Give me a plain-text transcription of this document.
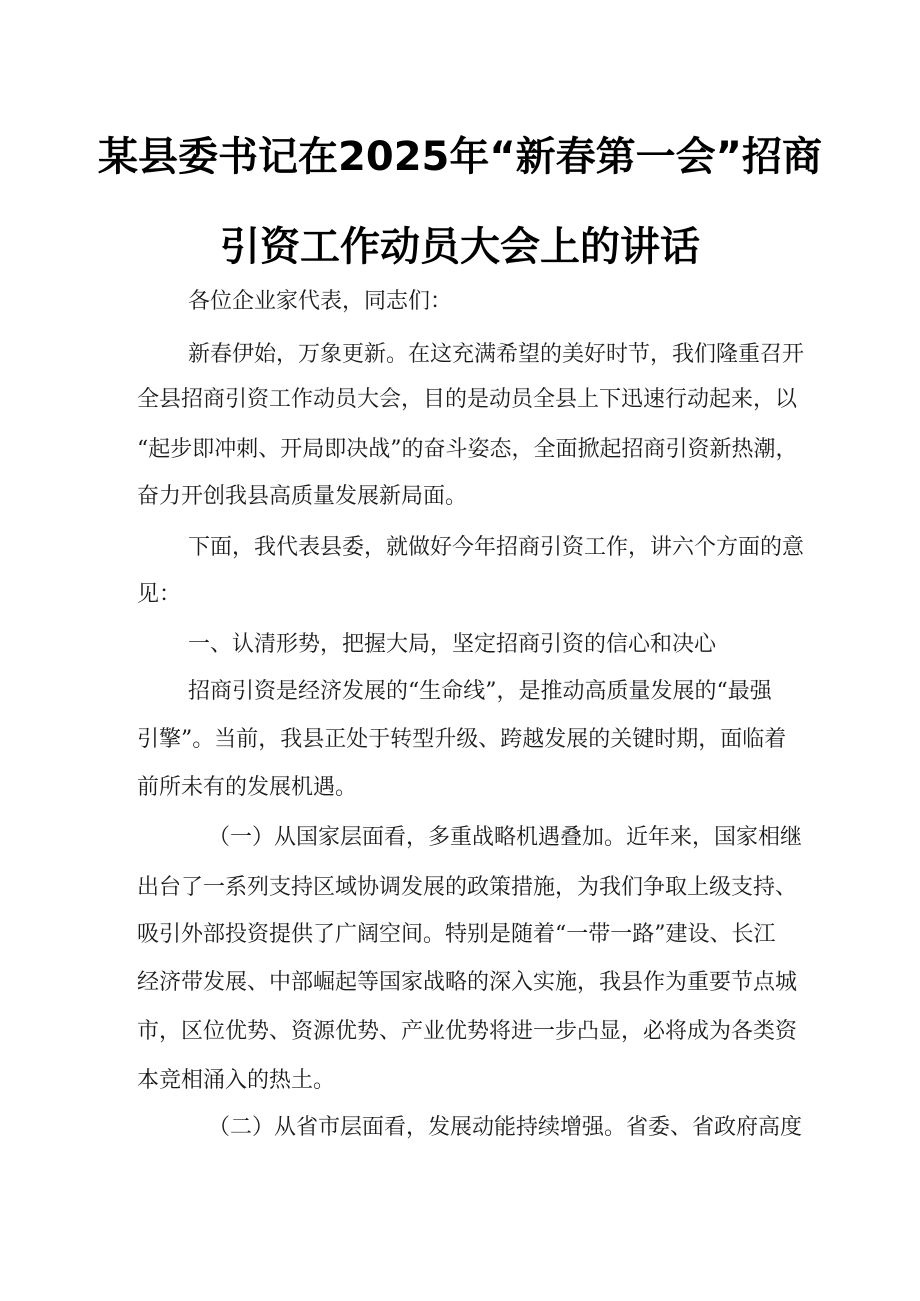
某县委书记在2025年“新春第一会”招商
引资工作动员大会上的讲话
各位企业家代表，同志们：
新春伊始，万象更新。在这充满希望的美好时节，我们隆重召开
全县招商引资工作动员大会，目的是动员全县上下迅速行动起来，以
“起步即冲刺、开局即决战”的奋斗姿态，全面掀起招商引资新热潮，
奋力开创我县高质量发展新局面。
下面，我代表县委，就做好今年招商引资工作，讲六个方面的意
见：
一、认清形势，把握大局，坚定招商引资的信心和决心
招商引资是经济发展的“生命线”，是推动高质量发展的“最强
引擎”。当前，我县正处于转型升级、跨越发展的关键时期，面临着
前所未有的发展机遇。
（一）从国家层面看，多重战略机遇叠加。近年来，国家相继
出台了一系列支持区域协调发展的政策措施，为我们争取上级支持、
吸引外部投资提供了广阔空间。特别是随着“一带一路”建设、长江
经济带发展、中部崛起等国家战略的深入实施，我县作为重要节点城
市，区位优势、资源优势、产业优势将进一步凸显，必将成为各类资
本竞相涌入的热土。
（二）从省市层面看，发展动能持续增强。省委、省政府高度
